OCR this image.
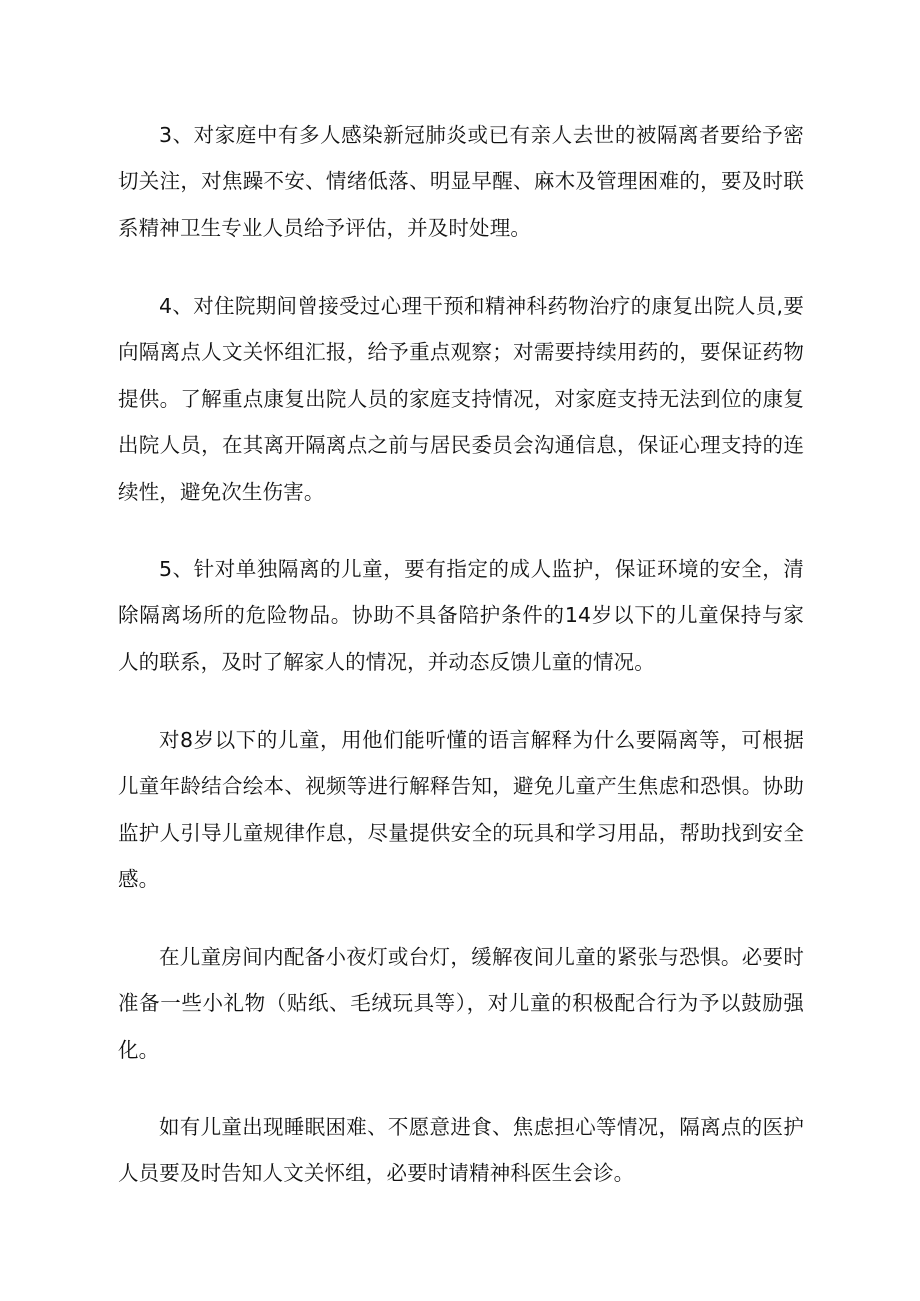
3、对家庭中有多人感染新冠肺炎或已有亲人去世的被隔离者要给予密切关注，对焦躁不安、情绪低落、明显早醒、麻木及管理困难的，要及时联系精神卫生专业人员给予评估，并及时处理。

4、对住院期间曾接受过心理干预和精神科药物治疗的康复出院人员,要向隔离点人文关怀组汇报，给予重点观察；对需要持续用药的，要保证药物提供。了解重点康复出院人员的家庭支持情况，对家庭支持无法到位的康复出院人员，在其离开隔离点之前与居民委员会沟通信息，保证心理支持的连续性，避免次生伤害。

5、针对单独隔离的儿童，要有指定的成人监护，保证环境的安全，清除隔离场所的危险物品。协助不具备陪护条件的14岁以下的儿童保持与家人的联系，及时了解家人的情况，并动态反馈儿童的情况。

对8岁以下的儿童，用他们能听懂的语言解释为什么要隔离等，可根据儿童年龄结合绘本、视频等进行解释告知，避免儿童产生焦虑和恐惧。协助监护人引导儿童规律作息，尽量提供安全的玩具和学习用品，帮助找到安全感。

在儿童房间内配备小夜灯或台灯，缓解夜间儿童的紧张与恐惧。必要时准备一些小礼物（贴纸、毛绒玩具等），对儿童的积极配合行为予以鼓励强化。

如有儿童出现睡眠困难、不愿意进食、焦虑担心等情况，隔离点的医护人员要及时告知人文关怀组，必要时请精神科医生会诊。
